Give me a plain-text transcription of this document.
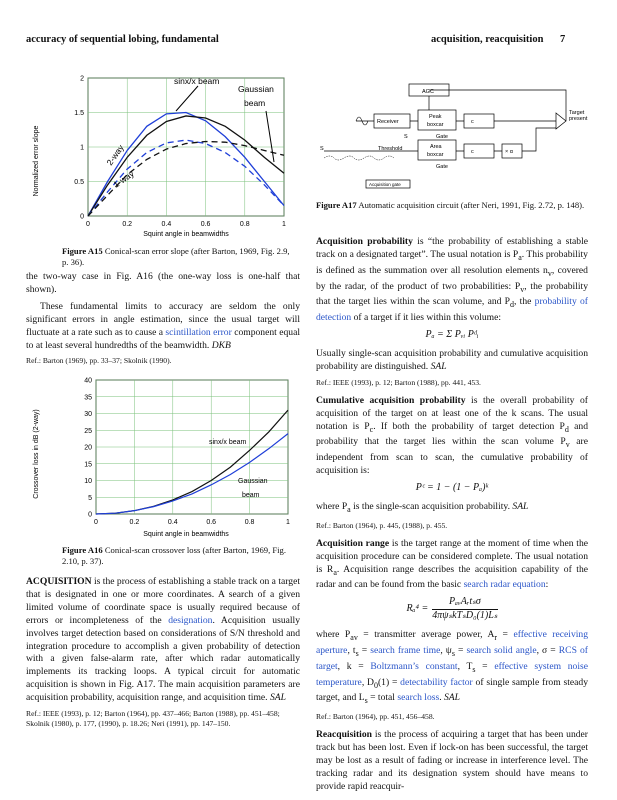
accuracy of sequential lobing, fundamental	acquisition, reacquisition 7
0	0.2	0.4	0.6	0.8	1
0
0.5
1
1.5
2
Normalized error slope
Squint angle in beamwidths
sinx/x beam
Gaussian
beam
2-way
1-way
Figure A15 Conical-scan error slope (after Barton, 1969, Fig. 2.9, p. 36).

the two-way case in Fig. A16 (the one-way loss is one-half that shown).

These fundamental limits to accuracy are seldom the only significant errors in angle estimation, since the usual target will fluctuate at a rate such as to cause a scintillation error component equal to at least several hundredths of the beamwidth. DKB

Ref.: Barton (1969), pp. 33–37; Skolnik (1990).

0	0.2	0.4	0.6	0.8	1
0
5
10
15
20
25
30
35
40
Crossover loss in dB (2-way)
Squint angle in beamwidths
sinx/x beam
Gaussian
beam
Figure A16 Conical-scan crossover loss (after Barton, 1969, Fig. 2.10, p. 37).

ACQUISITION is the process of establishing a stable track on a target that is designated in one or more coordinates. A search of a given limited volume of coordinate space is usually required because of errors or incompleteness of the designation. Acquisition usually involves target detection based on considerations of S/N threshold and integration procedure to accomplish a given probability of detection with a given false-alarm rate, after which radar automatically implements its tracking loops. A typical circuit for automatic acquisition is shown in Fig. A17. The main acquisition parameters are acquisition probability, acquisition range, and acquisition time. SAL

Ref.: IEEE (1993), p. 12; Barton (1964), pp. 437–466; Barton (1988), pp. 451–458; Skolnik (1980), p. 177, (1990), p. 18.26; Neri (1991), pp. 147–150.

AGC
Receiver
Peak
boxcar	c
Gate
Area
boxcar	c	× α
Gate
Target
present
S
S	Threshold
Acquisition gate
Figure A17 Automatic acquisition circuit (after Neri, 1991, Fig. 2.72, p. 148).

Acquisition probability is “the probability of establishing a stable track on a designated target”. The usual notation is $P_a$. This probability is defined as the summation over all resolution elements $n_v$, covered by the radar, of the product of two probabilities: $P_v$, the probability that the target lies within the scan volume, and $P_d$, the probability of detection of a target if it lies within this volume:

Pₐ = Σ Pᵥᵢ Pᵈᵢ

Usually single-scan acquisition probability and cumulative acquisition probability are distinguished. SAL

Ref.: IEEE (1993), p. 12; Barton (1988), pp. 441, 453.

Cumulative acquisition probability is the overall probability of acquisition of the target on at least one of the k scans. The usual notation is $P_c$. If both the probability of target detection $P_d$ and probability that the target lies within the scan volume $P_v$ are independent from scan to scan, the cumulative probability of acquisition is:

Pᶜ = 1 − (1 − Pₐ)ᵏ

where $P_a$ is the single-scan acquisition probability. SAL

Ref.: Barton (1964), p. 445, (1988), p. 455.

Acquisition range is the target range at the moment of time when the acquisition procedure can be considered complete. The usual notation is $R_a$. Acquisition range describes the acquisition capability of the radar and can be found from the basic search radar equation:

Rₐ⁴ =
PₐᵥAᵣtₛσ
4πψₛkTₛD₀(1)Lₛ

where $P_{av}$ = transmitter average power, $A_r$ = effective receiving aperture, $t_s$ = search frame time, $\psi_s$ = search solid angle, σ = RCS of target, k = Boltzmann’s constant, $T_s$ = effective system noise temperature, $D_0(1)$ = detectability factor of single sample from steady target, and $L_s$ = total search loss. SAL

Ref.: Barton (1964), pp. 451, 456–458.

Reacquisition is the process of acquiring a target that has been under track but has been lost. Even if lock-on has been successful, the target may be lost as a result of fading or increase in interference level. The tracking radar and its designation system should have means to provide rapid reacquir-
